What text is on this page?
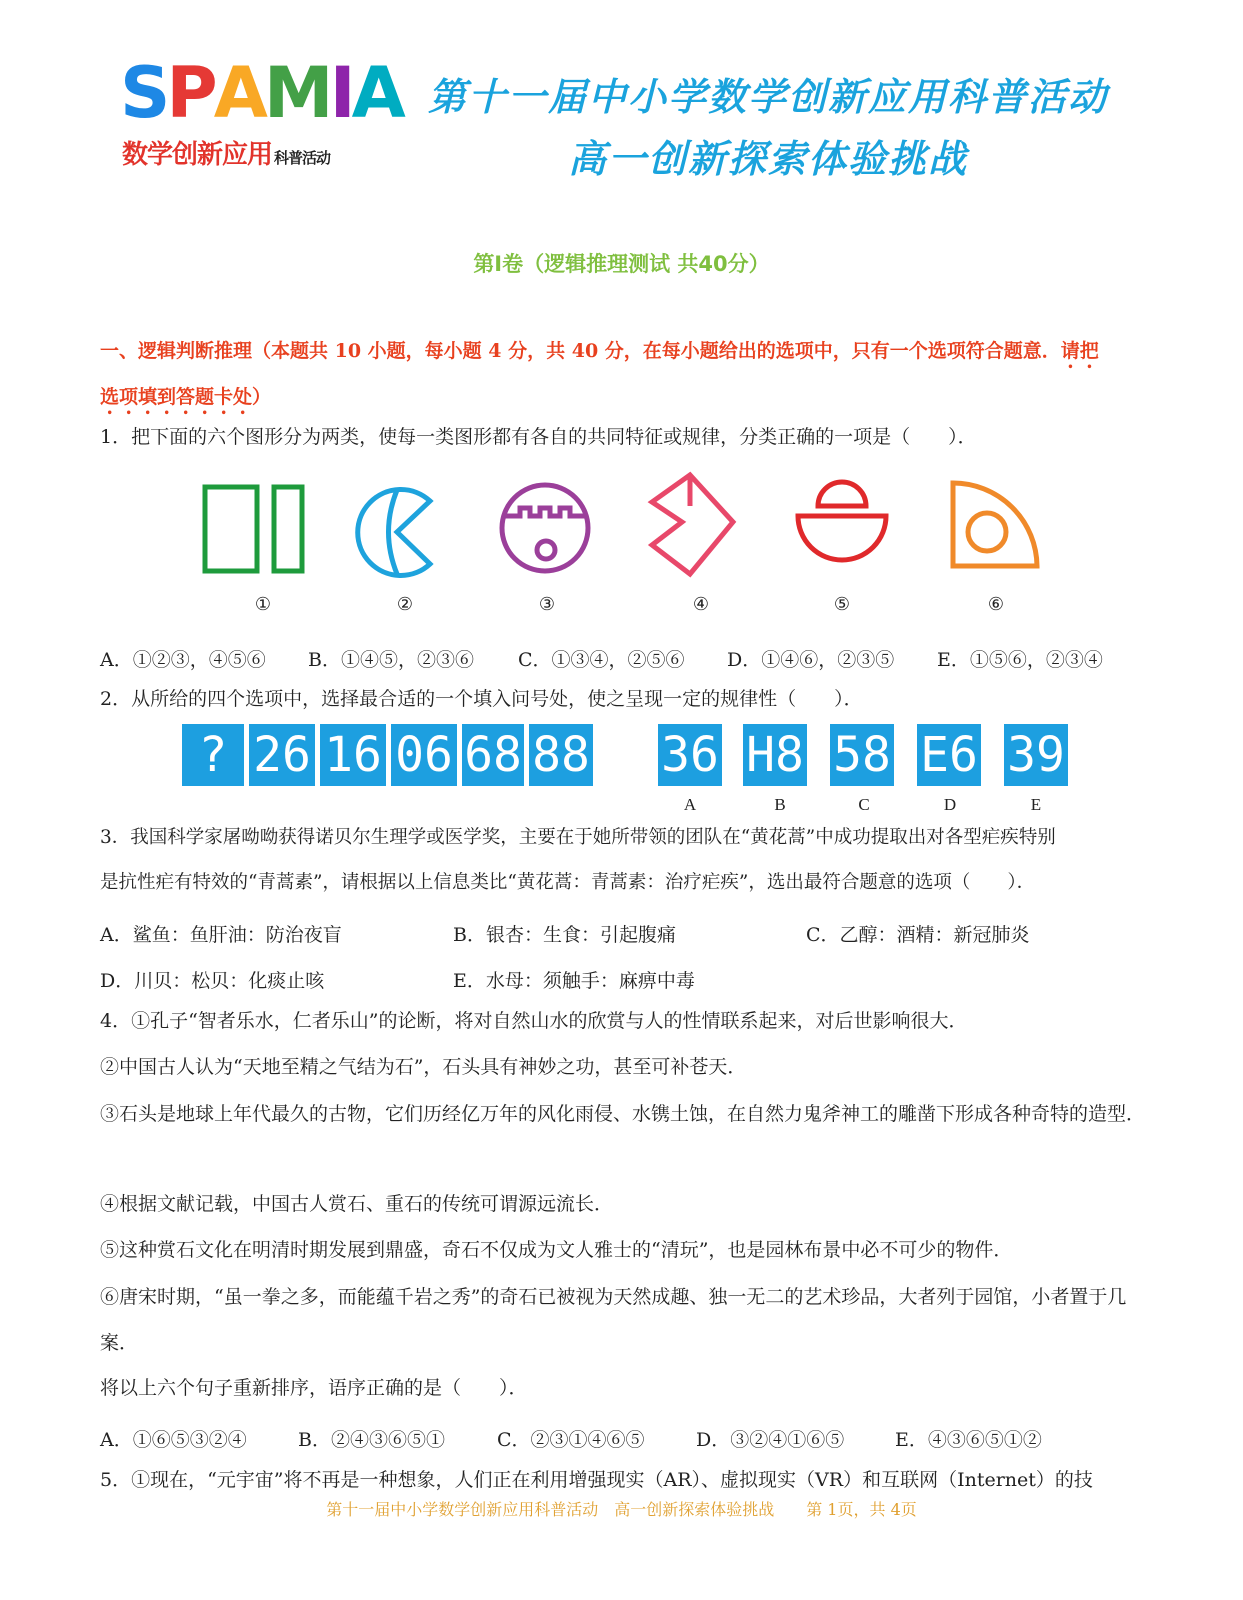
SPAMIA
数学创新应用 科普活动
第十一届中小学数学创新应用科普活动
高一创新探索体验挑战
第Ⅰ卷（逻辑推理测试 共40分）
一、逻辑判断推理（本题共 10 小题，每小题 4 分，共 40 分，在每小题给出的选项中，只有一个选项符合题意．请把
选项填到答题卡处）
1．把下面的六个图形分为两类，使每一类图形都有各自的共同特征或规律，分类正确的一项是（　　）．
①	②	③	④	⑤	⑥
A．①②③，④⑤⑥ B．①④⑤，②③⑥ C．①③④，②⑤⑥ D．①④⑥，②③⑤ E．①⑤⑥，②③④
2．从所给的四个选项中，选择最合适的一个填入问号处，使之呈现一定的规律性（　　）．
? 26 16 06 68 88 36 H8 58 E6 39
A	B	C	D	E
3．我国科学家屠呦呦获得诺贝尔生理学或医学奖，主要在于她所带领的团队在“黄花蒿”中成功提取出对各型疟疾特别
是抗性疟有特效的“青蒿素”，请根据以上信息类比“黄花蒿：青蒿素：治疗疟疾”，选出最符合题意的选项（　　）．
A．鲨鱼：鱼肝油：防治夜盲	B．银杏：生食：引起腹痛	C．乙醇：酒精：新冠肺炎
D．川贝：松贝：化痰止咳	E．水母：须触手：麻痹中毒
4．①孔子“智者乐水，仁者乐山”的论断，将对自然山水的欣赏与人的性情联系起来，对后世影响很大．
②中国古人认为“天地至精之气结为石”，石头具有神妙之功，甚至可补苍天．
③石头是地球上年代最久的古物，它们历经亿万年的风化雨侵、水镌土蚀，在自然力鬼斧神工的雕凿下形成各种奇特的造型．
④根据文献记载，中国古人赏石、重石的传统可谓源远流长．
⑤这种赏石文化在明清时期发展到鼎盛，奇石不仅成为文人雅士的“清玩”，也是园林布景中必不可少的物件．
⑥唐宋时期，“虽一拳之多，而能蕴千岩之秀”的奇石已被视为天然成趣、独一无二的艺术珍品，大者列于园馆，小者置于几案．
将以上六个句子重新排序，语序正确的是（　　）．
A．①⑥⑤③②④	B．②④③⑥⑤①	C．②③①④⑥⑤	D．③②④①⑥⑤	E．④③⑥⑤①②
5．①现在，“元宇宙”将不再是一种想象，人们正在利用增强现实（AR）、虚拟现实（VR）和互联网（Internet）的技
第十一届中小学数学创新应用科普活动　高一创新探索体验挑战　　第 1页，共 4页
